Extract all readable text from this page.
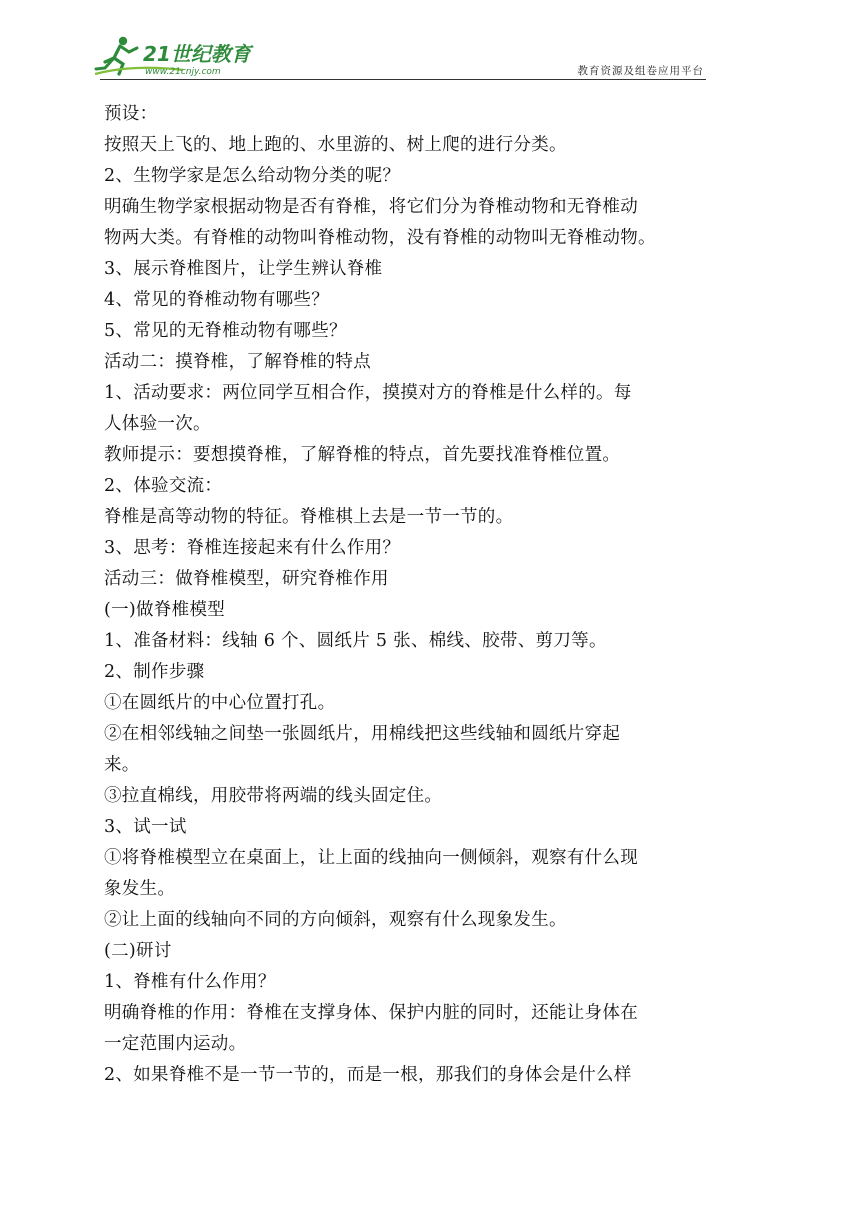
21世纪教育
www.21cnjy.com	教育资源及组卷应用平台
预设：
按照天上飞的、地上跑的、水里游的、树上爬的进行分类。
2、生物学家是怎么给动物分类的呢？
明确生物学家根据动物是否有脊椎，将它们分为脊椎动物和无脊椎动
物两大类。有脊椎的动物叫脊椎动物，没有脊椎的动物叫无脊椎动物。
3、展示脊椎图片，让学生辨认脊椎
4、常见的脊椎动物有哪些？
5、常见的无脊椎动物有哪些？
活动二：摸脊椎，了解脊椎的特点
1、活动要求：两位同学互相合作，摸摸对方的脊椎是什么样的。每
人体验一次。
教师提示：要想摸脊椎，了解脊椎的特点，首先要找准脊椎位置。
2、体验交流：
脊椎是高等动物的特征。脊椎棋上去是一节一节的。
3、思考：脊椎连接起来有什么作用？
活动三：做脊椎模型，研究脊椎作用
(一)做脊椎模型
1、准备材料：线轴 6 个、圆纸片 5 张、棉线、胶带、剪刀等。
2、制作步骤
①在圆纸片的中心位置打孔。
②在相邻线轴之间垫一张圆纸片，用棉线把这些线轴和圆纸片穿起
来。
③拉直棉线，用胶带将两端的线头固定住。
3、试一试
①将脊椎模型立在桌面上，让上面的线抽向一侧倾斜，观察有什么现
象发生。
②让上面的线轴向不同的方向倾斜，观察有什么现象发生。
(二)研讨
1、脊椎有什么作用？
明确脊椎的作用：脊椎在支撑身体、保护内脏的同时，还能让身体在
一定范围内运动。
2、如果脊椎不是一节一节的，而是一根，那我们的身体会是什么样
